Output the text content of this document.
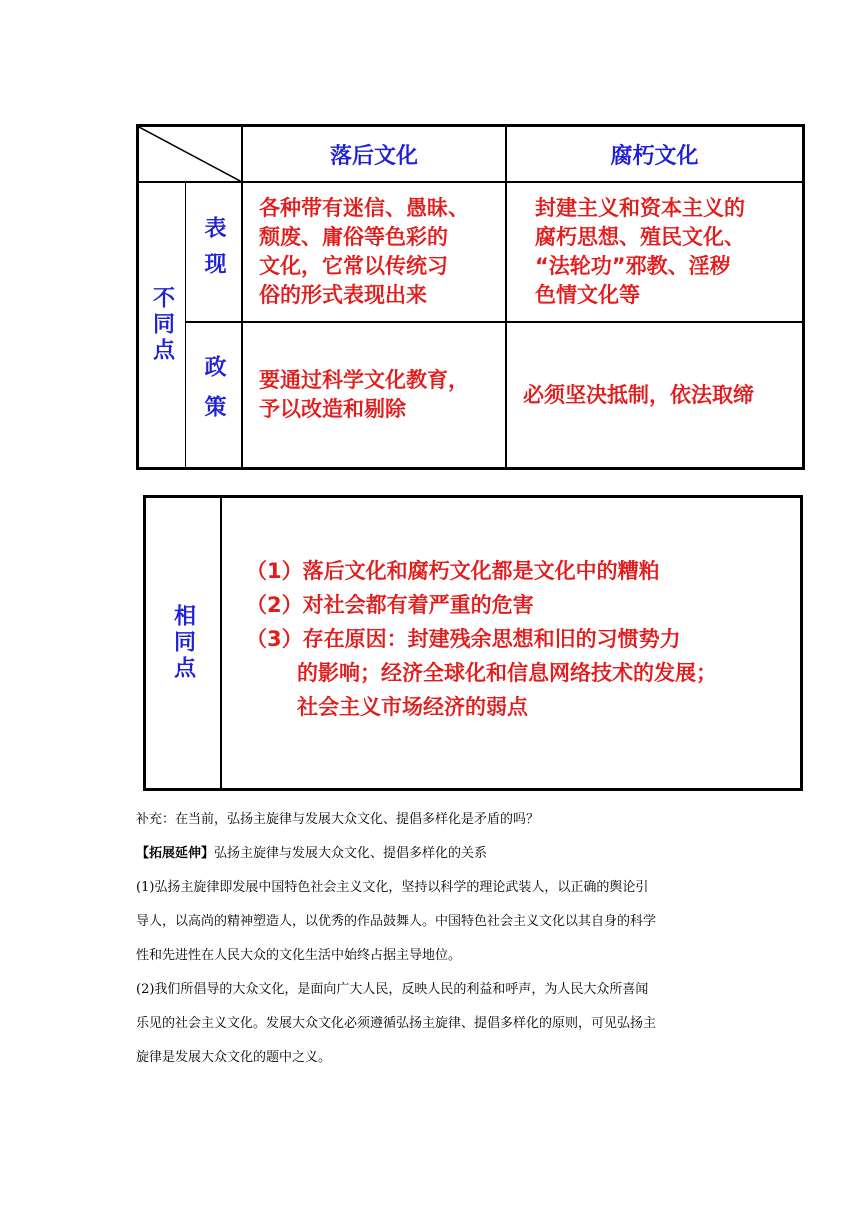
落后文化	腐朽文化
不同点
表现
政策
各种带有迷信、愚昧、
颓废、庸俗等色彩的
文化，它常以传统习
俗的形式表现出来
封建主义和资本主义的
腐朽思想、殖民文化、
“法轮功”邪教、淫秽
色情文化等
要通过科学文化教育，
予以改造和剔除
必须坚决抵制，依法取缔
相同点
（1）落后文化和腐朽文化都是文化中的糟粕
（2）对社会都有着严重的危害
（3）存在原因：封建残余思想和旧的习惯势力
的影响；经济全球化和信息网络技术的发展；
社会主义市场经济的弱点
补充：在当前，弘扬主旋律与发展大众文化、提倡多样化是矛盾的吗？
【拓展延伸】弘扬主旋律与发展大众文化、提倡多样化的关系
(1)弘扬主旋律即发展中国特色社会主义文化，坚持以科学的理论武装人，以正确的舆论引
导人，以高尚的精神塑造人，以优秀的作品鼓舞人。中国特色社会主义文化以其自身的科学
性和先进性在人民大众的文化生活中始终占据主导地位。
(2)我们所倡导的大众文化，是面向广大人民，反映人民的利益和呼声，为人民大众所喜闻
乐见的社会主义文化。发展大众文化必须遵循弘扬主旋律、提倡多样化的原则，可见弘扬主
旋律是发展大众文化的题中之义。
